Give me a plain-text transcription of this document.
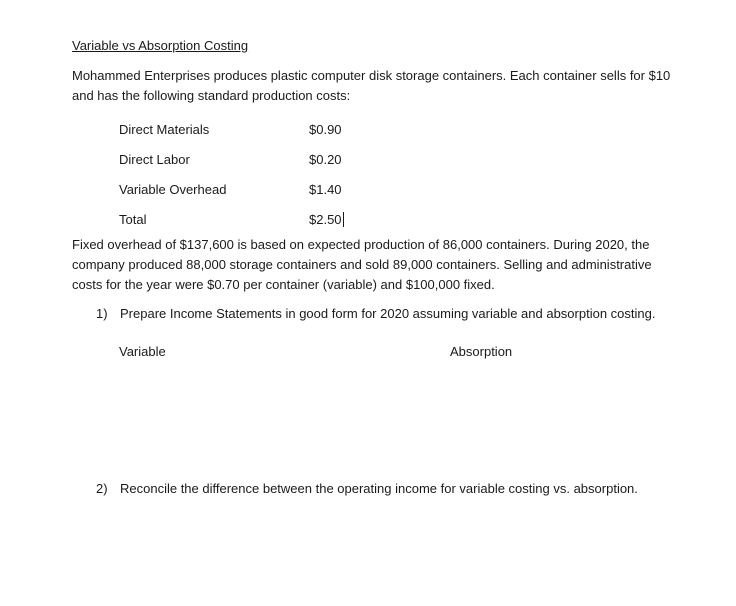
Variable vs Absorption Costing

Mohammed Enterprises produces plastic computer disk storage containers. Each container sells for $10 and has the following standard production costs:

Direct Materials	$0.90
Direct Labor	$0.20
Variable Overhead	$1.40
Total	$2.50

Fixed overhead of $137,600 is based on expected production of 86,000 containers. During 2020, the company produced 88,000 storage containers and sold 89,000 containers. Selling and administrative costs for the year were $0.70 per container (variable) and $100,000 fixed.

1) Prepare Income Statements in good form for 2020 assuming variable and absorption costing.
Variable	Absorption
2) Reconcile the difference between the operating income for variable costing vs. absorption.
